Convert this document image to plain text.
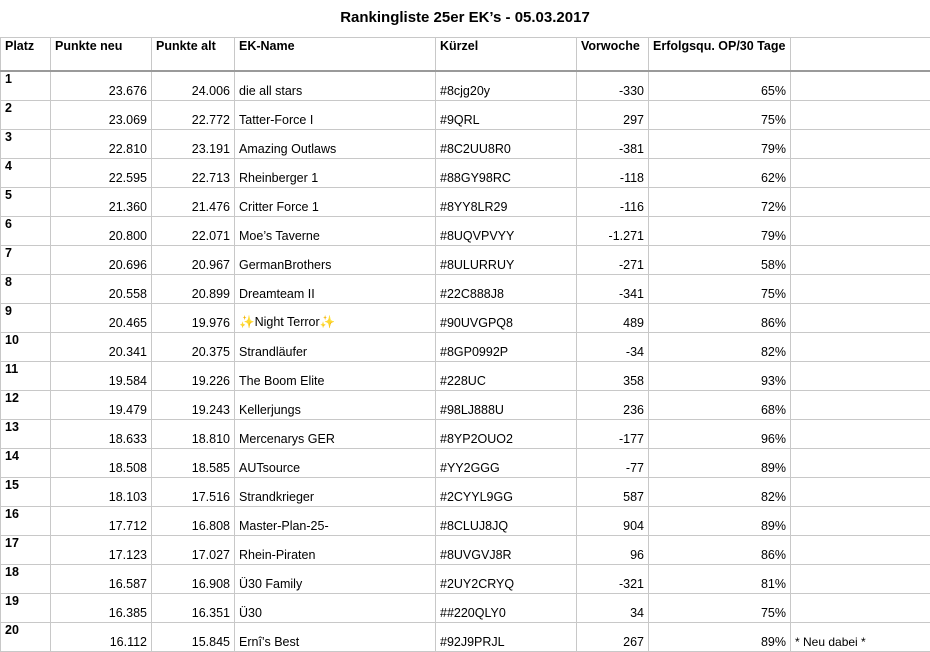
Rankingliste 25er EK’s - 05.03.2017
Platz	Punkte neu	Punkte alt	EK-Name	Kürzel	Vorwoche	Erfolgsqu. OP/30 Tage	
1	23.676	24.006	die all stars	#8cjg20y	-330	65%	
2	23.069	22.772	Tatter-Force I	#9QRL	297	75%	
3	22.810	23.191	Amazing Outlaws	#8C2UU8R0	-381	79%	
4	22.595	22.713	Rheinberger 1	#88GY98RC	-118	62%	
5	21.360	21.476	Critter Force 1	#8YY8LR29	-116	72%	
6	20.800	22.071	Moe’s Taverne	#8UQVPVYY	-1.271	79%	
7	20.696	20.967	GermanBrothers	#8ULURRUY	-271	58%	
8	20.558	20.899	Dreamteam II	#22C888J8	-341	75%	
9	20.465	19.976	✨Night Terror✨	#90UVGPQ8	489	86%	
10	20.341	20.375	Strandläufer	#8GP0992P	-34	82%	
11	19.584	19.226	The Boom Elite	#228UC	358	93%	
12	19.479	19.243	Kellerjungs	#98LJ888U	236	68%	
13	18.633	18.810	Mercenarys GER	#8YP2OUO2	-177	96%	
14	18.508	18.585	AUTsource	#YY2GGG	-77	89%	
15	18.103	17.516	Strandkrieger	#2CYYL9GG	587	82%	
16	17.712	16.808	Master-Plan-25-	#8CLUJ8JQ	904	89%	
17	17.123	17.027	Rhein-Piraten	#8UVGVJ8R	96	86%	
18	16.587	16.908	Ü30 Family	#2UY2CRYQ	-321	81%	
19	16.385	16.351	Ü30	##220QLY0	34	75%	
20	16.112	15.845	Ernî’s Best	#92J9PRJL	267	89%	* Neu dabei *
